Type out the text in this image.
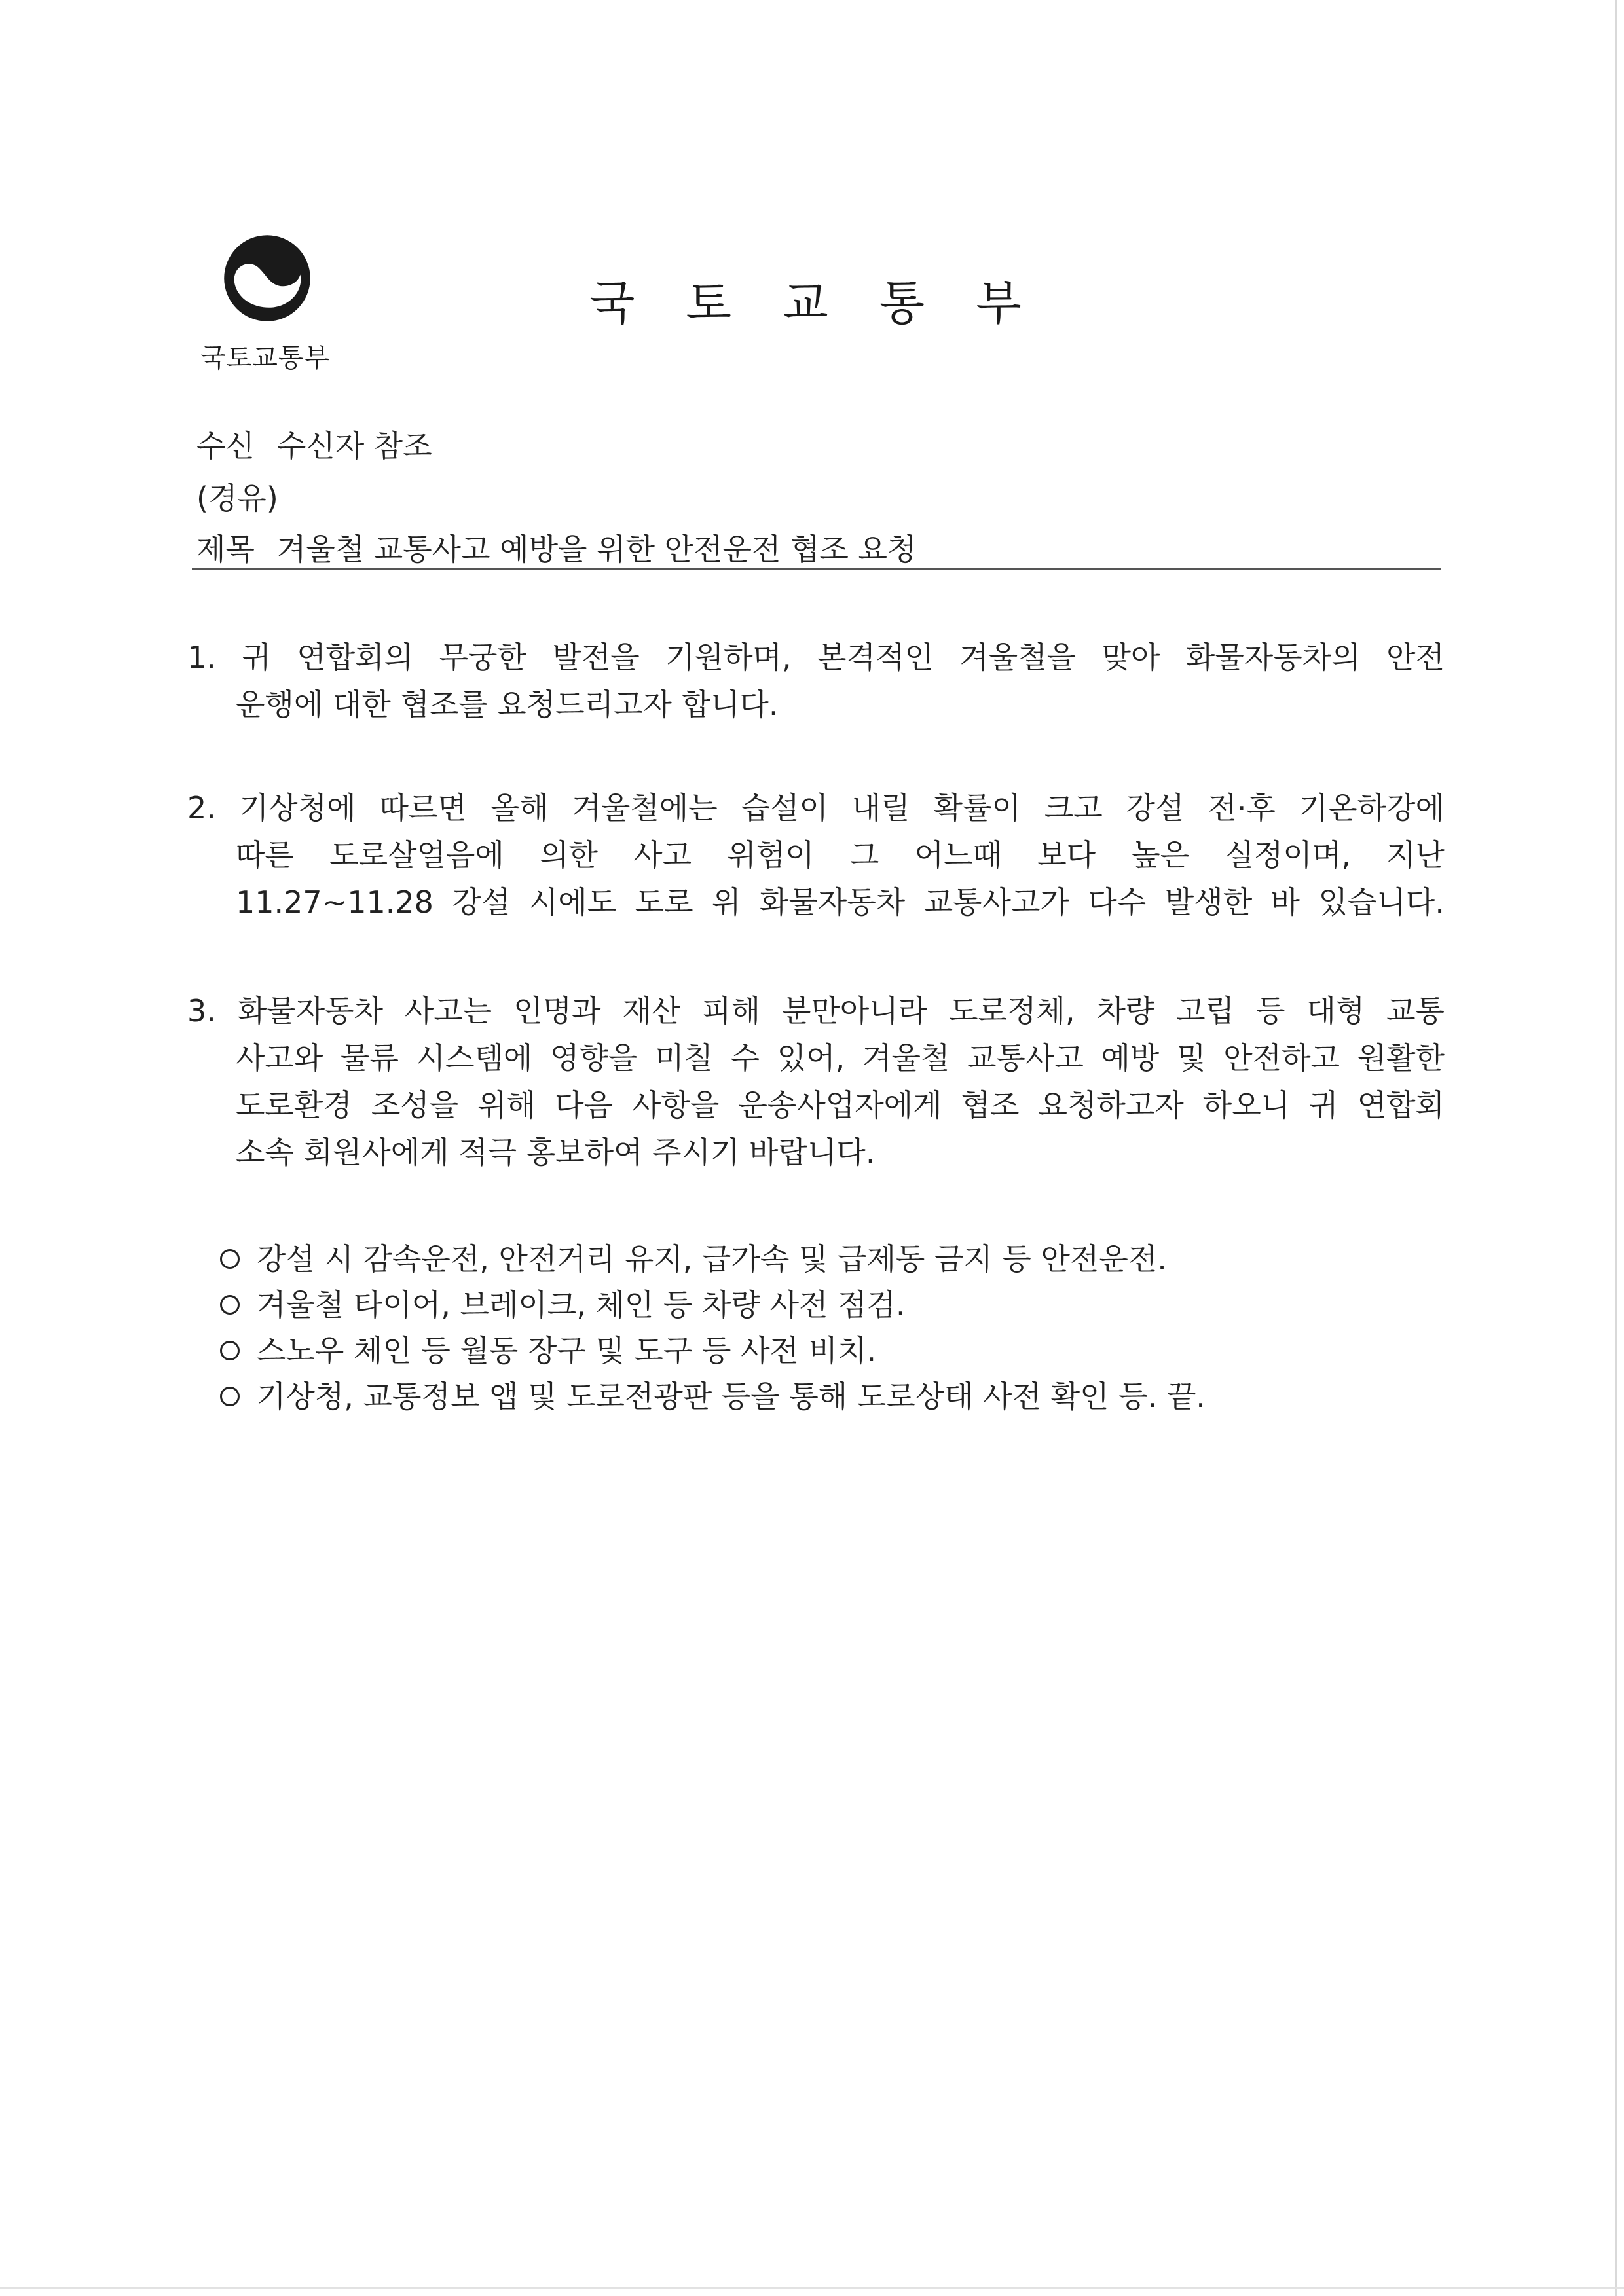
국토교통부
국토교통부
수신 수신자 참조
(경유)
제목 겨울철 교통사고 예방을 위한 안전운전 협조 요청
1. 귀 연합회의 무궁한 발전을 기원하며, 본격적인 겨울철을 맞아 화물자동차의 안전
운행에 대한 협조를 요청드리고자 합니다.
2. 기상청에 따르면 올해 겨울철에는 습설이 내릴 확률이 크고 강설 전·후 기온하강에
따른 도로살얼음에 의한 사고 위험이 그 어느때 보다 높은 실정이며, 지난
11.27~11.28 강설 시에도 도로 위 화물자동차 교통사고가 다수 발생한 바 있습니다.
3. 화물자동차 사고는 인명과 재산 피해 분만아니라 도로정체, 차량 고립 등 대형 교통
사고와 물류 시스템에 영향을 미칠 수 있어, 겨울철 교통사고 예방 및 안전하고 원활한
도로환경 조성을 위해 다음 사항을 운송사업자에게 협조 요청하고자 하오니 귀 연합회
소속 회원사에게 적극 홍보하여 주시기 바랍니다.
강설 시 감속운전, 안전거리 유지, 급가속 및 급제동 금지 등 안전운전.
겨울철 타이어, 브레이크, 체인 등 차량 사전 점검.
스노우 체인 등 월동 장구 및 도구 등 사전 비치.
기상청, 교통정보 앱 및 도로전광판 등을 통해 도로상태 사전 확인 등. 끝.
